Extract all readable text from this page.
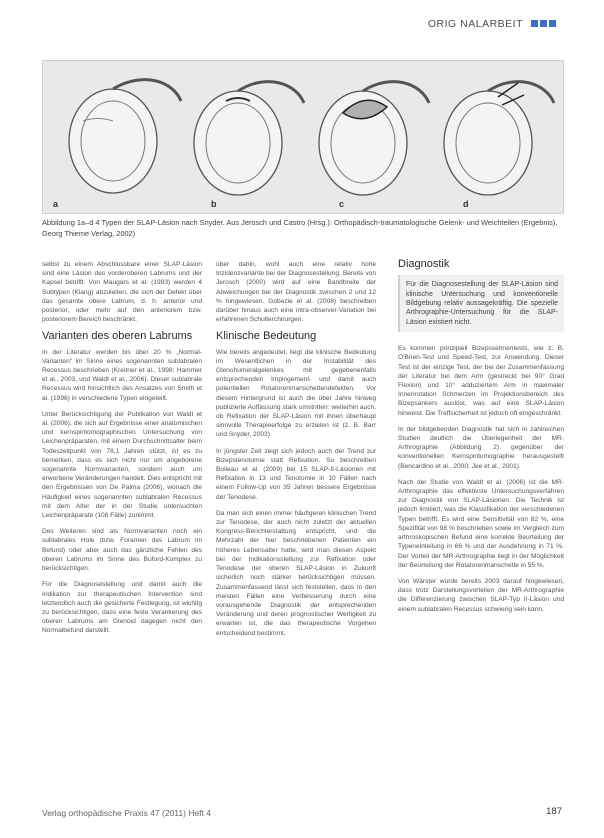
ORIG NALARBEIT
a	b	c	d
Abbildung 1a–d 4 Typen der SLAP-Läsion nach Snyder. Aus Jerosch und Castro (Hrsg.): Orthopädisch-traumatologische Gelenk- und Weichteilen (Ergebnis), Georg Thieme Verlag, 2002)

selbst zu einem Abschlussbare einer SLAP-Läsion sind eine Läsion des vorderoberen Labrums und der Kapsel betrifft. Von Maugars et al. (1993) werden 4 Subtypen (Klang) abzuleiten, die sich der Defekt über das gesamte obere Labrum, d. h. anterior und posterior, oder mehr auf den anteriorem bzw. posteriorem Bereich beschränkt.

Varianten des oberen Labrums

In der Literatur werden bis über 20 % „Normal-Varianten“ im Sinne eines sogenannten sublabralen Recessus beschrieben (Kreitner et al., 1998; Hammer et al., 2003, und Waldt et al., 2006). Dieser sublabrale Recessus wird hinsichtlich des Ansatzes von Smith et al. (1996) in verschiedene Typen eingeteilt.

Unter Berücksichtigung der Publikation von Waldt et al. (2006), die sich auf Ergebnisse einer anatomischen und kernspintomographischen Untersuchung von Leichenpräparaten, mit einem Durchschnittsalter beim Todeszeitpunkt von 78,1 Jahren stützt, ist es zu bemerken, dass es sich nicht nur um angeborene sogenannte Normvarianten, sondern auch um erworbene Veränderungen handelt. Dies entspricht mit den Ergebnissen von De Palma (2006), wonach die Häufigkeit eines sogenannten sublabralen Recessus mit dem Alter der in der Studie untersuchten Leichenpräparate (108 Fälle) zunimmt.

Des Weiteren sind als Normvarianten noch ein sublabrales Hole (bzw. Foramen des Labrum im Befund) oder aber auch das gänzliche Fehlen des oberen Labrums im Sinne des Buford-Komplex zu berücksichtigen.

Für die Diagnosestellung und damit auch die Indikation zur therapeutischen Intervention sind letztendlich auch die gesicherte Festlegung, ist wichtig zu berücksichtigen, dass eine feste Verankerung des oberen Labrums am Glenoid dagegen nicht den Normalbefund darstellt.

über dahin, wohl auch eine relativ hohe Inzidenzvariante bei der Diagnosestellung. Bereits von Jerosch (2000) wird auf eine Bandbreite der Abweichungen bei der Diagnostik zwischen 2 und 12 % hingewiesen. Gobezie et al. (2008) beschreiben darüber hinaus auch eine intra-observer-Variation bei erfahrenen Schulterchirurgen.

Klinische Bedeutung

Wie bereits angedeutet, liegt die klinische Bedeutung im Wesentlichen in der Instabilität des Glenohumeralgelenkes mit gegebenenfalls entsprechenden Impingement- und damit auch potentiellen Rotatorenmanschettendefekten. Vor diesem Hintergrund ist auch die über Jahre hinweg publizierte Auffassung stark umstritten: weiterhin auch, ob Refixation der SLAP-Läsion mit ihnen überhaupt sinnvolle Therapieerfolge zu erzielen ist (z. B. Barr und Snyder, 2003).

In jüngster Zeit zeigt sich jedoch auch der Trend zur Bizepstenotomie statt Refixation. So beschreiben Boileau et al. (2009) bei 15 SLAP-II-Läsionen mit Refixation in 13 und Tenotomie in 10 Fällen nach einem Follow-Up von 35 Jahren bessere Ergebnisse der Tenodese.

Da man sich einen immer häufigeren klinischen Trend zur Tenodese, der auch nicht zuletzt der aktuellen Kongress-Berichterstattung entspricht, und die Mehrzahl der hier beschriebenen Patienten ein höheres Lebensalter hatte, wird man diesen Aspekt bei der Indikationsstellung zur Refixation oder Tenodese der oberen SLAP-Läsion in Zukunft sicherlich noch stärker berücksichtigen müssen. Zusammenfassend lässt sich feststellen, dass in den meisten Fällen eine Verbesserung durch eine vorausgehende Diagnostik der entsprechenden Veränderung und deren prognostischer Wertigkeit zu erwarten ist, die das therapeutische Vorgehen entscheidend bestimmt.

Diagnostik
Für die Diagnosestellung der SLAP-Läsion sind klinische Untersuchung und konventionelle Bildgebung relativ aussagekräftig. Die spezielle Arthrographie-Untersuchung für die SLAP-Läsion existiert nicht.

Es kommen prinzipiell Bizepssehnentests, wie z. B. O'Brien-Test und Speed-Test, zur Anwendung. Dieser Test ist der einzige Test, der bei der Zusammenfassung der Literatur bei dem Arm (gestreckt bei 90° Grad Flexion) und 10° adduziertem Arm in maximaler Innenrotation Schmerzen im Projektionsbereich des Bizepsankers auslöst, was auf eine SLAP-Läsion hinweist. Die Treffsicherheit ist jedoch oft eingeschränkt.

In der bildgebenden Diagnostik hat sich in zahlreichen Studien deutlich die Überlegenheit der MR-Arthrographie (Abbildung 2) gegenüber der konventionellen Kernspintomographie herausgestellt (Bencardino et al., 2000; Jee et al., 2001).

Nach der Studie von Waldt et al. (2006) ist die MR-Arthrographie das effektivste Untersuchungsverfahren zur Diagnostik von SLAP-Läsionen. Die Technik ist jedoch limitiert, was die Klassifikation der verschiedenen Typen betrifft. Es wird eine Sensitivität von 82 %, eine Spezifität von 98 % beschrieben sowie im Vergleich zum arthroskopischen Befund eine korrekte Beurteilung der Typeneinteilung in 66 % und der Ausdehnung in 71 %. Der Vorteil der MR-Arthrographie liegt in der Möglichkeit der Beurteilung der Rotatorenmanschette in 55 %.

Von Wärster wurde bereits 2003 darauf hingewiesen, dass trotz Darstellungsvorteilen der MR-Arthrographie die Differenzierung zwischen SLAP-Typ II-Läsion und einem sublabralen Recessus schwierig sein kann.

Verlag orthopädische Praxis 47 (2011) Heft 4	187
